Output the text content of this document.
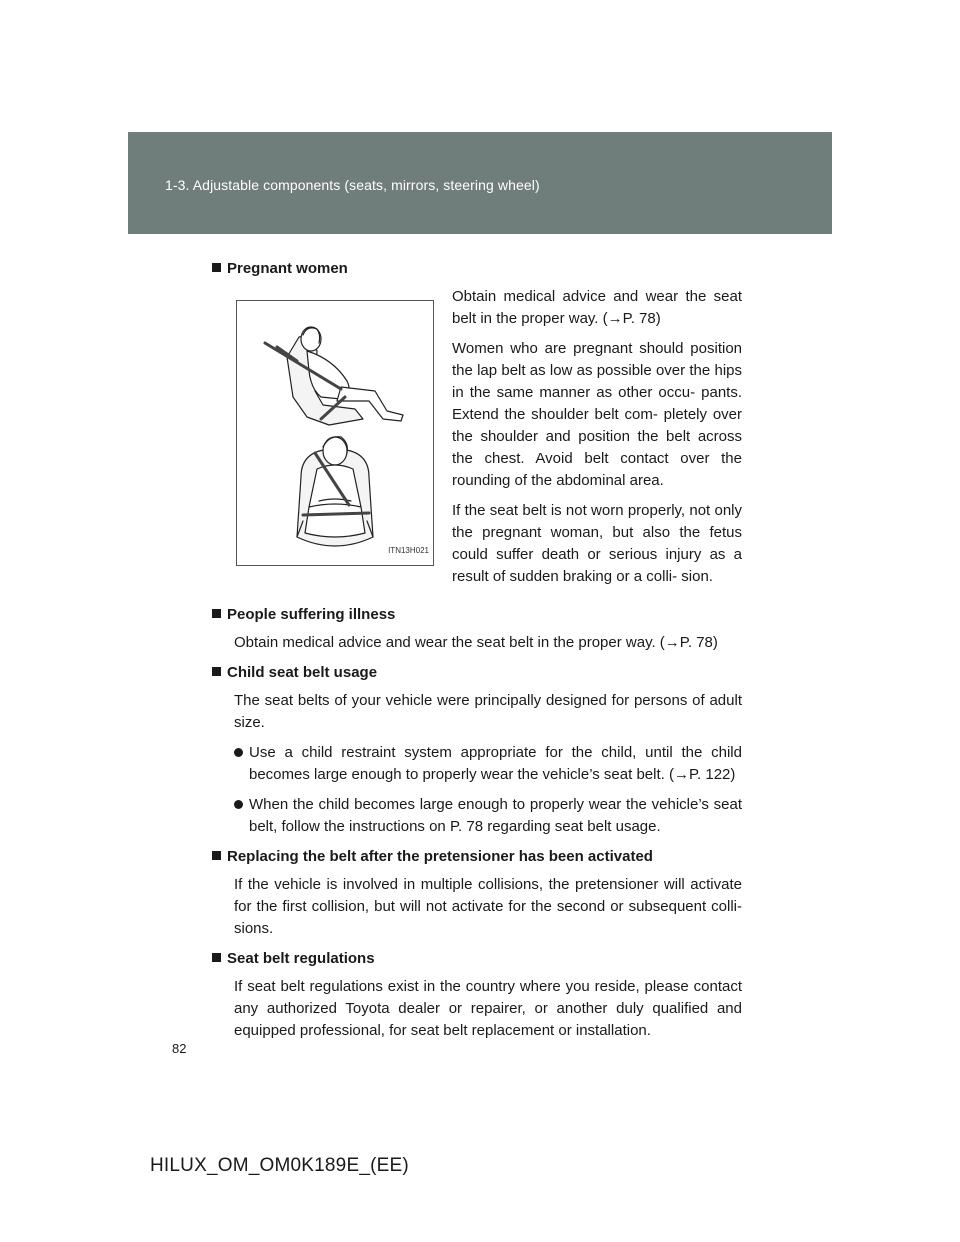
1-3. Adjustable components (seats, mirrors, steering wheel)
Pregnant women
ITN13H021

Obtain medical advice and wear the seat belt in the proper way. (→P. 78)

Women who are pregnant should position the lap belt as low as possible over the hips in the same manner as other occu- pants. Extend the shoulder belt com- pletely over the shoulder and position the belt across the chest. Avoid belt contact over the rounding of the abdominal area.

If the seat belt is not worn properly, not only the pregnant woman, but also the fetus could suffer death or serious injury as a result of sudden braking or a colli- sion.

People suffering illness
Obtain medical advice and wear the seat belt in the proper way. (→P. 78)
Child seat belt usage
The seat belts of your vehicle were principally designed for persons of adult size.
Use a child restraint system appropriate for the child, until the child becomes large enough to properly wear the vehicle’s seat belt. (→P. 122)
When the child becomes large enough to properly wear the vehicle’s seat belt, follow the instructions on P. 78 regarding seat belt usage.
Replacing the belt after the pretensioner has been activated
If the vehicle is involved in multiple collisions, the pretensioner will activate for the first collision, but will not activate for the second or subsequent colli- sions.
Seat belt regulations
If seat belt regulations exist in the country where you reside, please contact any authorized Toyota dealer or repairer, or another duly qualified and equipped professional, for seat belt replacement or installation.
82
HILUX_OM_OM0K189E_(EE)
